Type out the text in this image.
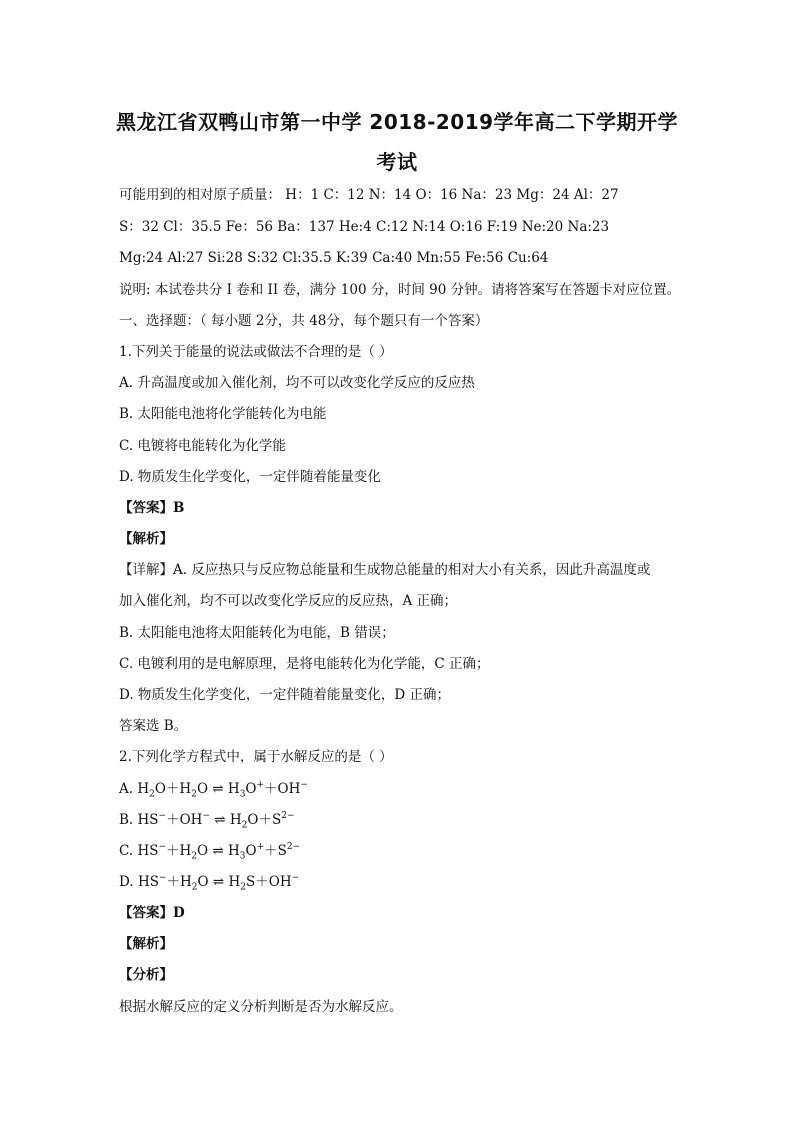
黑龙江省双鸭山市第一中学 2018-2019学年高二下学期开学
考试
可能用到的相对原子质量： H：1 C：12 N：14 O：16 Na：23 Mg：24 Al：27
S：32 Cl：35.5 Fe：56 Ba：137 He:4 C:12 N:14 O:16 F:19 Ne:20 Na:23
Mg:24 Al:27 Si:28 S:32 Cl:35.5 K:39 Ca:40 Mn:55 Fe:56 Cu:64
说明: 本试卷共分 I 卷和 II 卷，满分 100 分，时间 90 分钟。请将答案写在答题卡对应位置。
一、选择题：（ 每小题 2分，共 48分，每个题只有一个答案）
1.下列关于能量的说法或做法不合理的是（ ）
A. 升高温度或加入催化剂，均不可以改变化学反应的反应热
B. 太阳能电池将化学能转化为电能
C. 电镀将电能转化为化学能
D. 物质发生化学变化，一定伴随着能量变化
【答案】B
【解析】
【详解】A. 反应热只与反应物总能量和生成物总能量的相对大小有关系，因此升高温度或
加入催化剂，均不可以改变化学反应的反应热，A 正确；
B. 太阳能电池将太阳能转化为电能，B 错误；
C. 电镀利用的是电解原理，是将电能转化为化学能，C 正确；
D. 物质发生化学变化，一定伴随着能量变化，D 正确；
答案选 B。
2.下列化学方程式中，属于水解反应的是（ ）
A. $H_2O+H_2O$ ⇌ $H_3O^++OH^-$
B. HS−＋OH− ⇌ $H_2O+S^{2-}$
C. $HS^-+H_2O$ ⇌ $H_3O^++S^{2-}$
D. $HS^-+H_2O$ ⇌ $H_2S+OH^-$
【答案】D
【解析】
【分析】
根据水解反应的定义分析判断是否为水解反应。
